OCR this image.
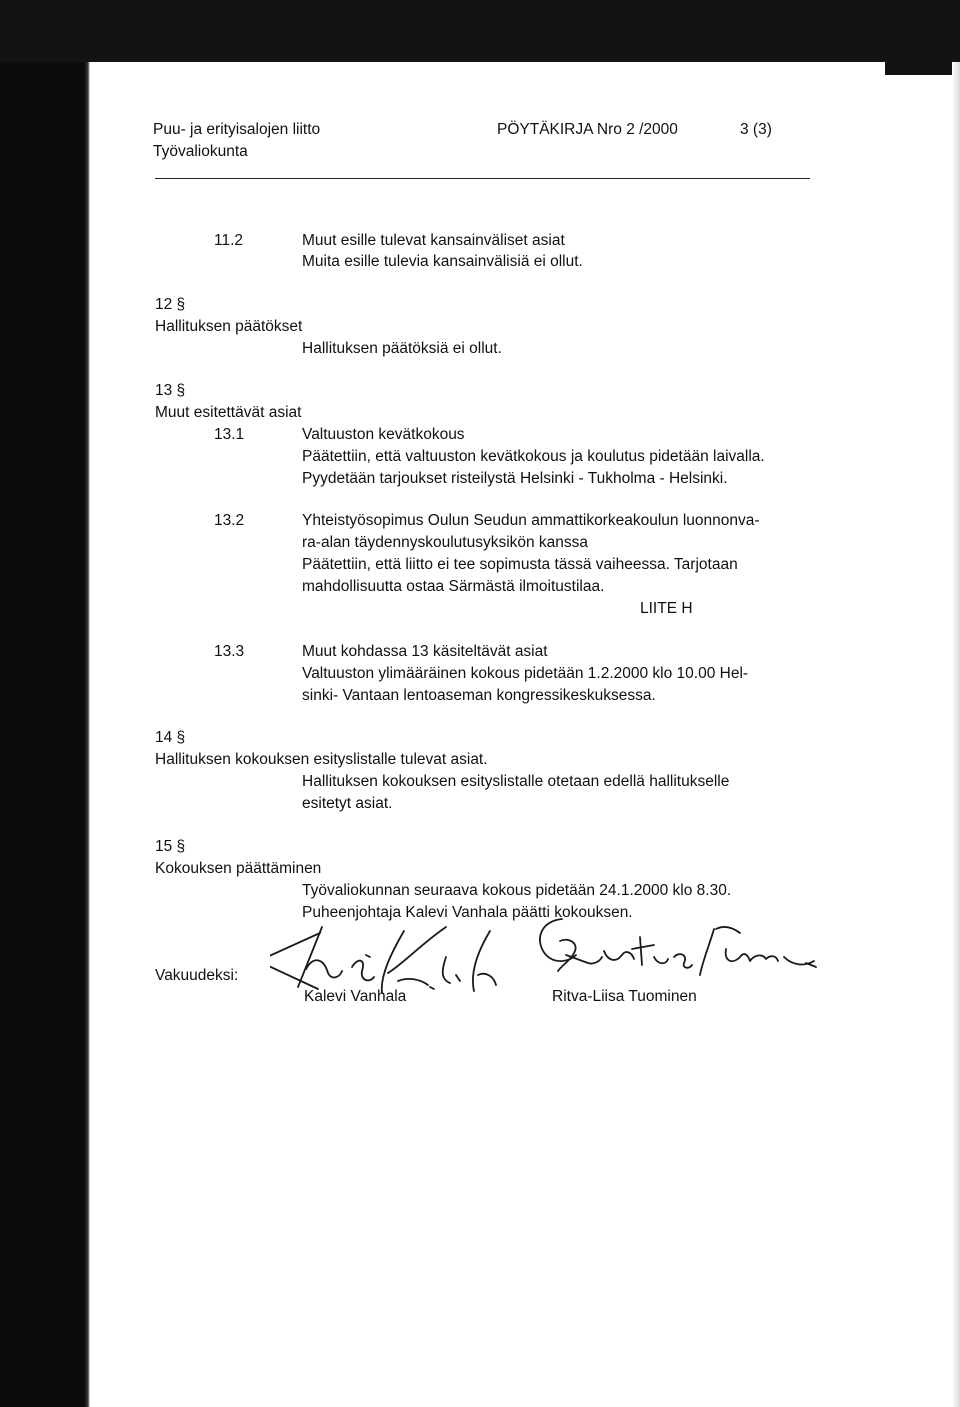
Puu- ja erityisalojen liitto
Työvaliokunta
PÖYTÄKIRJA Nro 2 /2000	3 (3)
11.2	Muut esille tulevat kansainväliset asiat
Muita esille tulevia kansainvälisiä ei ollut.
12 §
Hallituksen päätökset
Hallituksen päätöksiä ei ollut.
13 §
Muut esitettävät asiat
13.1	Valtuuston kevätkokous
Päätettiin, että valtuuston kevätkokous ja koulutus pidetään laivalla.
Pyydetään tarjoukset risteilystä Helsinki - Tukholma - Helsinki.
13.2	Yhteistyösopimus Oulun Seudun ammattikorkeakoulun luonnonva-
ra-alan täydennyskoulutusyksikön kanssa
Päätettiin, että liitto ei tee sopimusta tässä vaiheessa. Tarjotaan
mahdollisuutta ostaa Särmästä ilmoitustilaa.
LIITE H
13.3	Muut kohdassa 13 käsiteltävät asiat
Valtuuston ylimääräinen kokous pidetään 1.2.2000 klo 10.00 Hel-
sinki- Vantaan lentoaseman kongressikeskuksessa.
14 §
Hallituksen kokouksen esityslistalle tulevat asiat.
Hallituksen kokouksen esityslistalle otetaan edellä hallitukselle
esitetyt asiat.
15 §
Kokouksen päättäminen
Työvaliokunnan seuraava kokous pidetään 24.1.2000 klo 8.30.
Puheenjohtaja Kalevi Vanhala päätti kokouksen.
Vakuudeksi:
Kalevi Vanhala	Ritva-Liisa Tuominen
